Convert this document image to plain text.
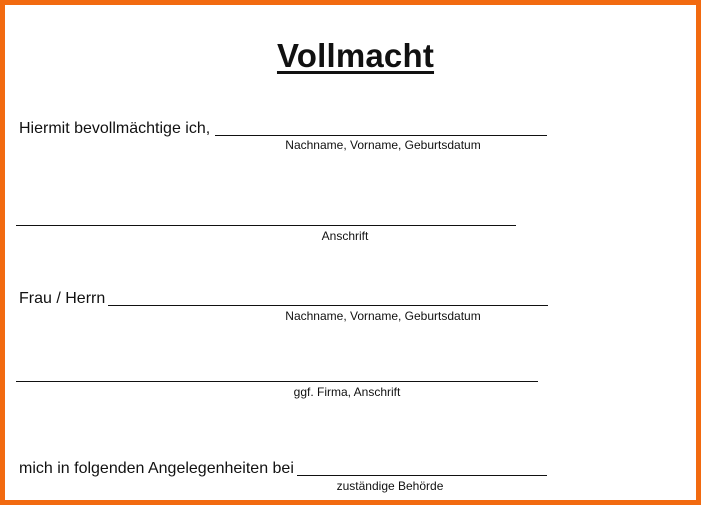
Vollmacht
Hiermit bevollmächtige ich,
Nachname, Vorname, Geburtsdatum
Anschrift
Frau / Herrn
Nachname, Vorname, Geburtsdatum
ggf. Firma, Anschrift
mich in folgenden Angelegenheiten bei
zuständige Behörde
